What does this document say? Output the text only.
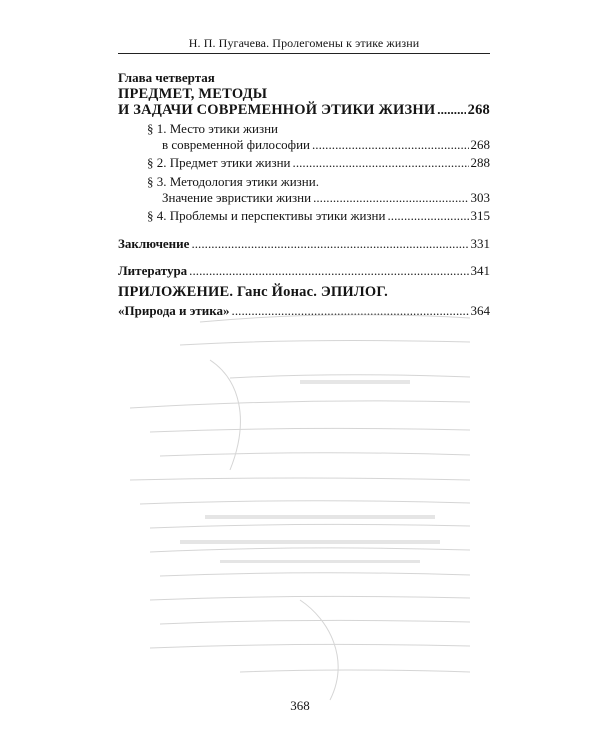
Н. П. Пугачева. Пролегомены к этике жизни
Глава четвертая
ПРЕДМЕТ, МЕТОДЫ
И ЗАДАЧИ СОВРЕМЕННОЙ ЭТИКИ ЖИЗНИ . . . 268
§ 1. Место этики жизни
в современной философии . . .	268
§ 2. Предмет этики жизни . . .	288
§ 3. Методология этики жизни.
Значение эвристики жизни . . .	303
§ 4. Проблемы и перспективы этики жизни . . .	315
Заключение . . .	331
Литература . . .	341
ПРИЛОЖЕНИЕ. Ганс Йонас. ЭПИЛОГ.
«Природа и этика» . . .	364
368
